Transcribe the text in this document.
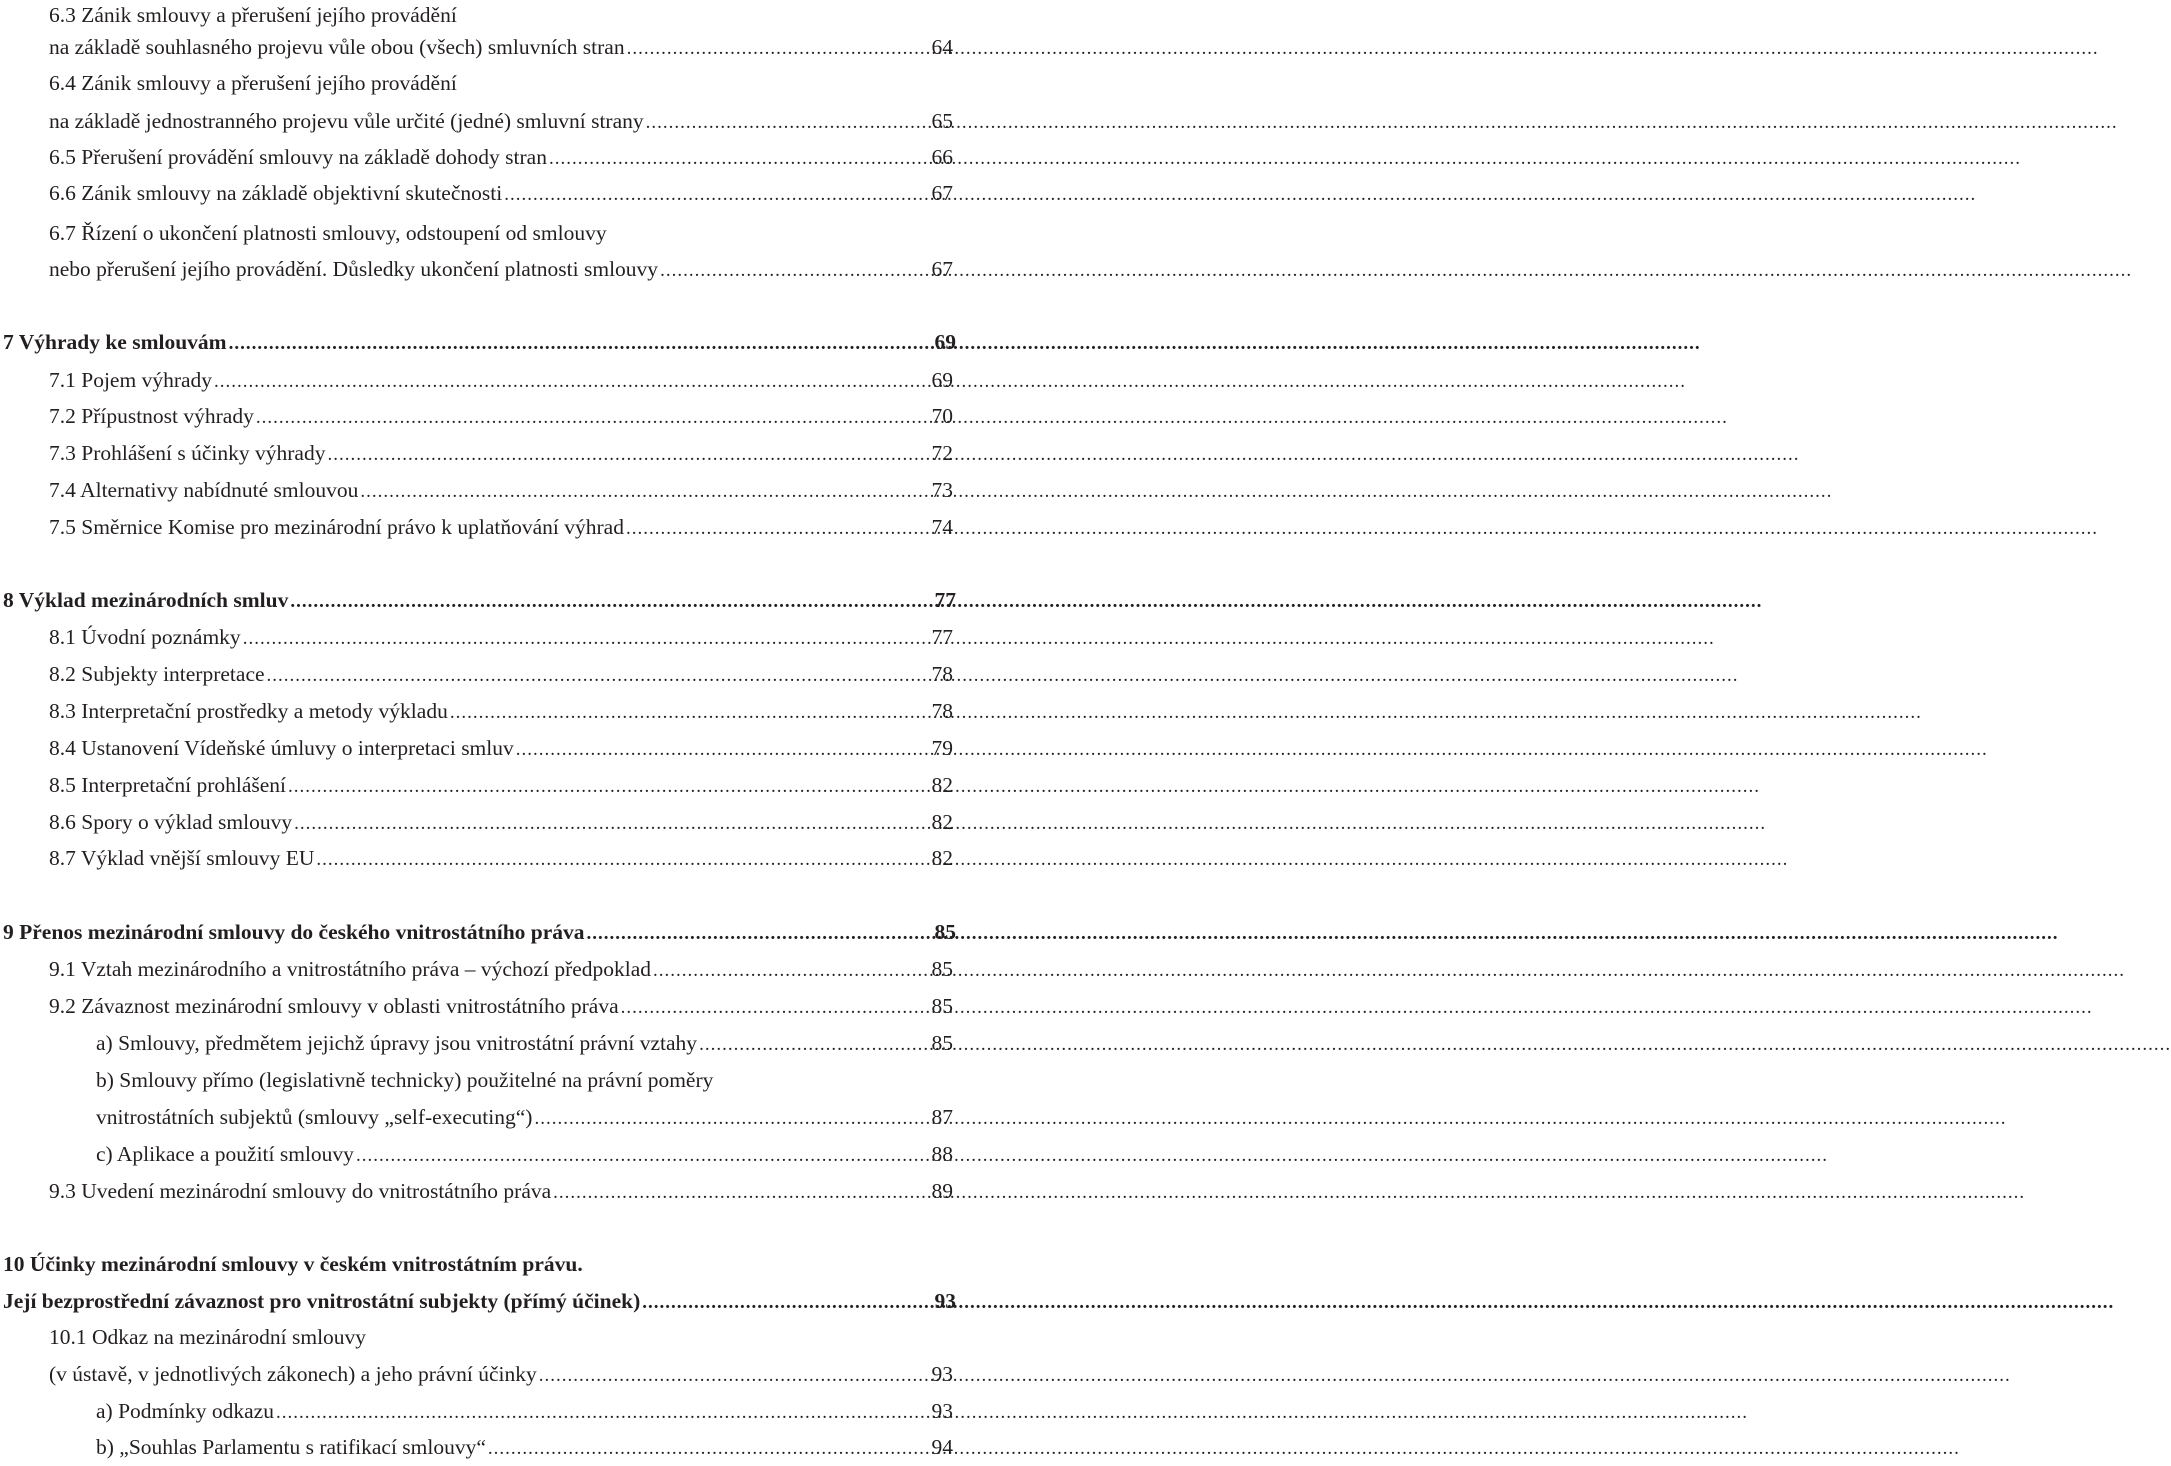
6.3 Zánik smlouvy a přerušení jejího provádění
na základě souhlasného projevu vůle obou (všech) smluvních stran .....	64
6.4 Zánik smlouvy a přerušení jejího provádění
na základě jednostranného projevu vůle určité (jedné) smluvní strany .....	65
6.5 Přerušení provádění smlouvy na základě dohody stran .....	66
6.6 Zánik smlouvy na základě objektivní skutečnosti .....	67
6.7 Řízení o ukončení platnosti smlouvy, odstoupení od smlouvy
nebo přerušení jejího provádění. Důsledky ukončení platnosti smlouvy .....	67
7 Výhrady ke smlouvám .....	69
7.1 Pojem výhrady .....	69
7.2 Přípustnost výhrady .....	70
7.3 Prohlášení s účinky výhrady .....	72
7.4 Alternativy nabídnuté smlouvou .....	73
7.5 Směrnice Komise pro mezinárodní právo k uplatňování výhrad .....	74
8 Výklad mezinárodních smluv .....	77
8.1 Úvodní poznámky .....	77
8.2 Subjekty interpretace .....	78
8.3 Interpretační prostředky a metody výkladu .....	78
8.4 Ustanovení Vídeňské úmluvy o interpretaci smluv .....	79
8.5 Interpretační prohlášení .....	82
8.6 Spory o výklad smlouvy .....	82
8.7 Výklad vnější smlouvy EU .....	82
9 Přenos mezinárodní smlouvy do českého vnitrostátního práva .....	85
9.1 Vztah mezinárodního a vnitrostátního práva – výchozí předpoklad .....	85
9.2 Závaznost mezinárodní smlouvy v oblasti vnitrostátního práva .....	85
a) Smlouvy, předmětem jejichž úpravy jsou vnitrostátní právní vztahy .....	85
b) Smlouvy přímo (legislativně technicky) použitelné na právní poměry
vnitrostátních subjektů (smlouvy „self-executing“) .....	87
c) Aplikace a použití smlouvy .....	88
9.3 Uvedení mezinárodní smlouvy do vnitrostátního práva .....	89
10 Účinky mezinárodní smlouvy v českém vnitrostátním právu.
Její bezprostřední závaznost pro vnitrostátní subjekty (přímý účinek) .....	93
10.1 Odkaz na mezinárodní smlouvy
(v ústavě, v jednotlivých zákonech) a jeho právní účinky .....	93
a) Podmínky odkazu .....	93
b) „Souhlas Parlamentu s ratifikací smlouvy“ .....	94
